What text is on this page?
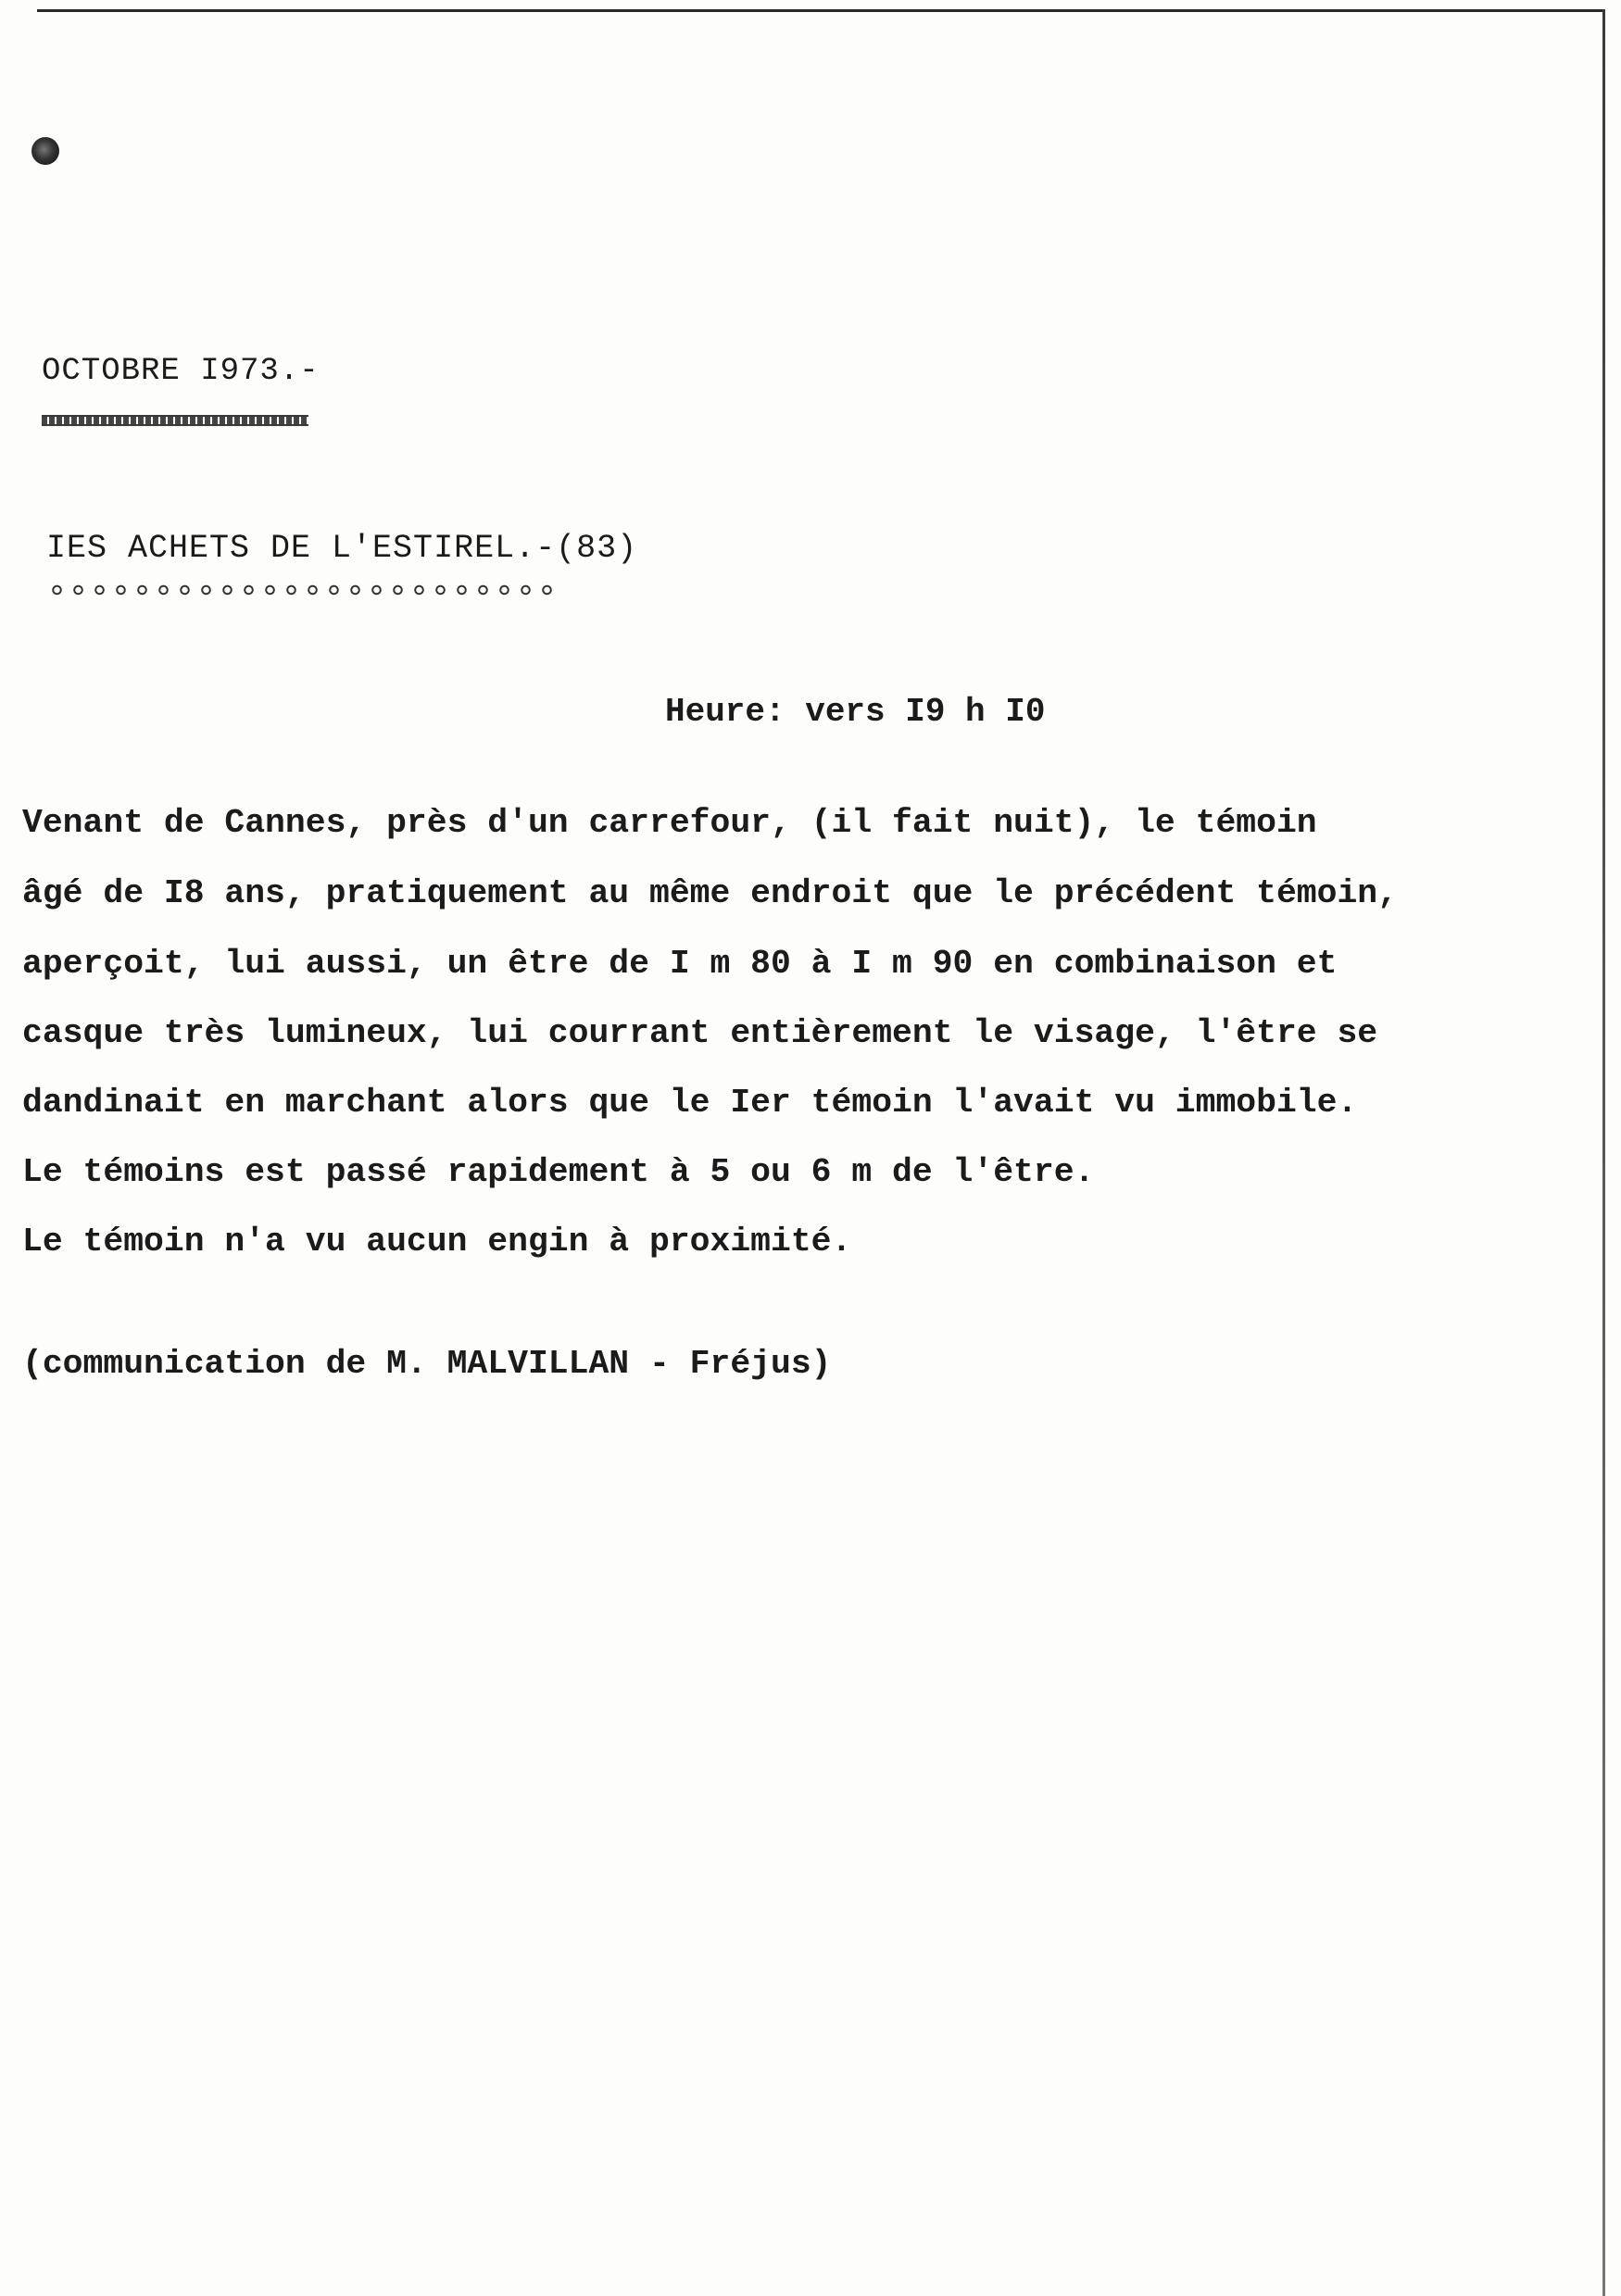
OCTOBRE I973.-
IES ACHETS DE L'ESTIREL.-(83)
Heure: vers I9 h I0
Venant de Cannes, près d'un carrefour, (il fait nuit), le témoin
âgé de I8 ans, pratiquement au même endroit que le précédent témoin,
aperçoit, lui aussi, un être de I m 80 à I m 90 en combinaison et
casque très lumineux, lui courrant entièrement le visage, l'être se
dandinait en marchant alors que le Ier témoin l'avait vu immobile.
Le témoins est passé rapidement à 5 ou 6 m de l'être.
Le témoin n'a vu aucun engin à proximité.
(communication de M. MALVILLAN - Fréjus)
